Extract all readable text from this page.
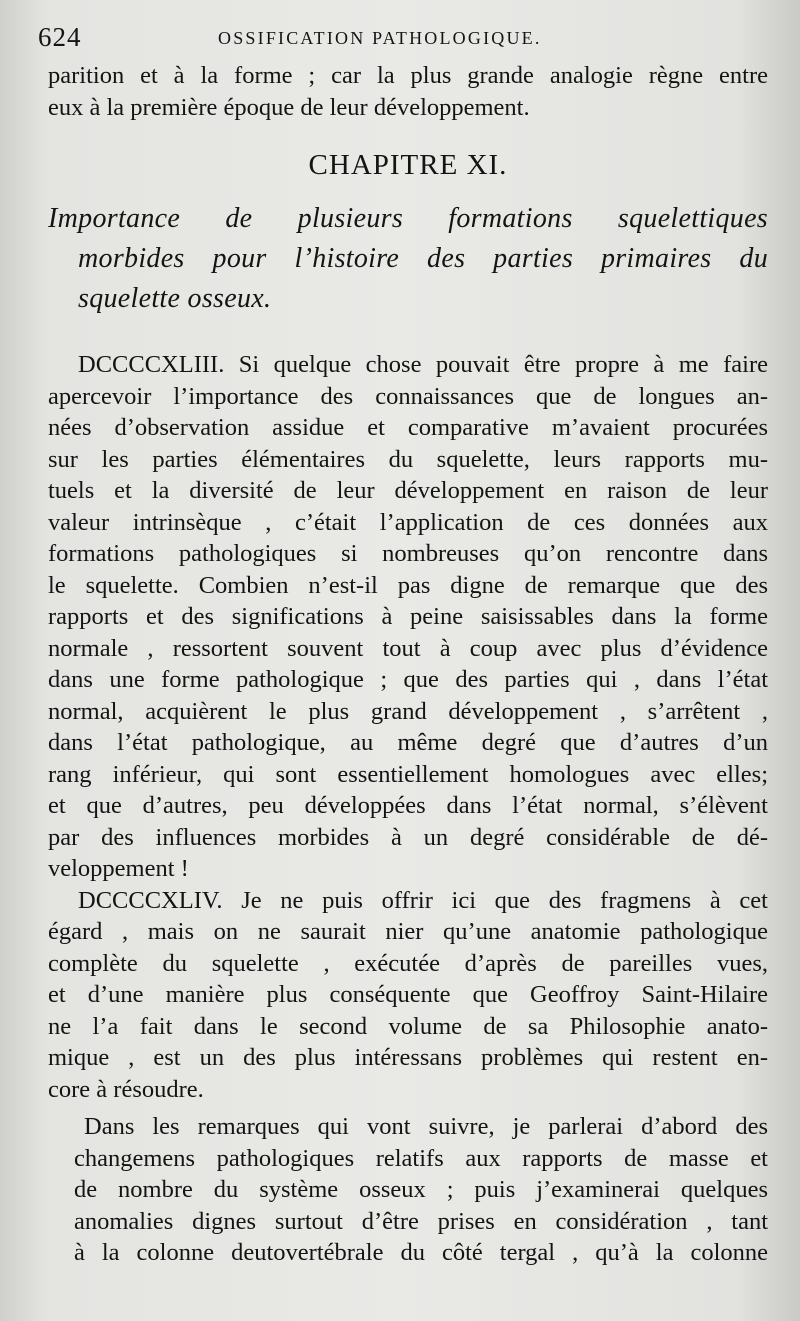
624	OSSIFICATION PATHOLOGIQUE.
parition et à la forme ; car la plus grande analogie règne entre
eux à la première époque de leur développement.
CHAPITRE XI.
Importance de plusieurs formations squelettiques
morbides pour l’histoire des parties primaires du
squelette osseux.
DCCCCXLIII. Si quelque chose pouvait être propre à me faire
apercevoir l’importance des connaissances que de longues an-
nées d’observation assidue et comparative m’avaient procurées
sur les parties élémentaires du squelette, leurs rapports mu-
tuels et la diversité de leur développement en raison de leur
valeur intrinsèque , c’était l’application de ces données aux
formations pathologiques si nombreuses qu’on rencontre dans
le squelette. Combien n’est-il pas digne de remarque que des
rapports et des significations à peine saisissables dans la forme
normale , ressortent souvent tout à coup avec plus d’évidence
dans une forme pathologique ; que des parties qui , dans l’état
normal, acquièrent le plus grand développement , s’arrêtent ,
dans l’état pathologique, au même degré que d’autres d’un
rang inférieur, qui sont essentiellement homologues avec elles;
et que d’autres, peu développées dans l’état normal, s’élèvent
par des influences morbides à un degré considérable de dé-
veloppement !
DCCCCXLIV. Je ne puis offrir ici que des fragmens à cet
égard , mais on ne saurait nier qu’une anatomie pathologique
complète du squelette , exécutée d’après de pareilles vues,
et d’une manière plus conséquente que Geoffroy Saint-Hilaire
ne l’a fait dans le second volume de sa Philosophie anato-
mique , est un des plus intéressans problèmes qui restent en-
core à résoudre.
Dans les remarques qui vont suivre, je parlerai d’abord des
changemens pathologiques relatifs aux rapports de masse et
de nombre du système osseux ; puis j’examinerai quelques
anomalies dignes surtout d’être prises en considération , tant
à la colonne deutovertébrale du côté tergal , qu’à la colonne
